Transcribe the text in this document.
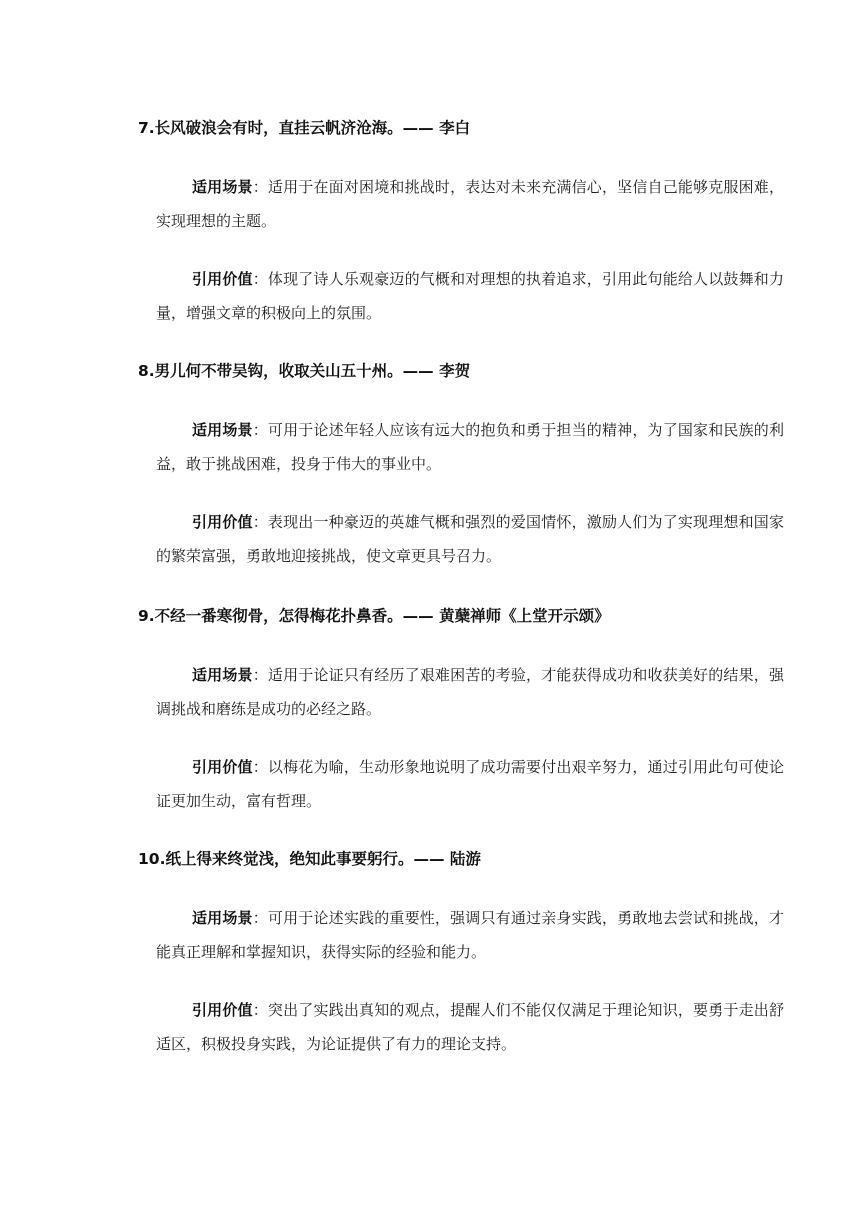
7.长风破浪会有时，直挂云帆济沧海。—— 李白
适用场景：适用于在面对困境和挑战时，表达对未来充满信心，坚信自己能够克服困难，实现理想的主题。
引用价值：体现了诗人乐观豪迈的气概和对理想的执着追求，引用此句能给人以鼓舞和力量，增强文章的积极向上的氛围。
8.男儿何不带吴钩，收取关山五十州。—— 李贺
适用场景：可用于论述年轻人应该有远大的抱负和勇于担当的精神，为了国家和民族的利益，敢于挑战困难，投身于伟大的事业中。
引用价值：表现出一种豪迈的英雄气概和强烈的爱国情怀，激励人们为了实现理想和国家的繁荣富强，勇敢地迎接挑战，使文章更具号召力。
9.不经一番寒彻骨，怎得梅花扑鼻香。—— 黄蘖禅师《上堂开示颂》
适用场景：适用于论证只有经历了艰难困苦的考验，才能获得成功和收获美好的结果，强调挑战和磨练是成功的必经之路。
引用价值：以梅花为喻，生动形象地说明了成功需要付出艰辛努力，通过引用此句可使论证更加生动，富有哲理。
10.纸上得来终觉浅，绝知此事要躬行。—— 陆游
适用场景：可用于论述实践的重要性，强调只有通过亲身实践，勇敢地去尝试和挑战，才能真正理解和掌握知识，获得实际的经验和能力。
引用价值：突出了实践出真知的观点，提醒人们不能仅仅满足于理论知识，要勇于走出舒适区，积极投身实践，为论证提供了有力的理论支持。
